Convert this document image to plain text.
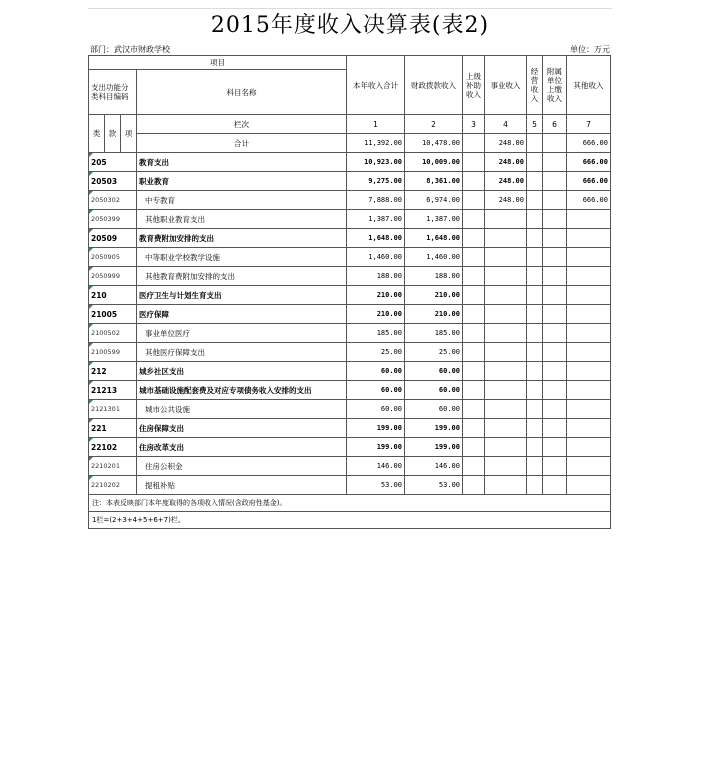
2015年度收入决算表(表2)
部门：武汉市财政学校	单位：万元
项目				本年收入合计	财政拨款收入	上级补助收入	事业收入	经营收入	附属单位上缴收入	其他收入
支出功能分类科目编码			科目名称							
类	款	项	栏次	1	2	3	4	5	6	7
			合计	11,392.00	10,478.00		248.00			666.00
205			教育支出	10,923.00	10,009.00		248.00			666.00
20503			职业教育	9,275.00	8,361.00		248.00			666.00
2050302			中专教育	7,888.00	6,974.00		248.00			666.00
2050399			其他职业教育支出	1,387.00	1,387.00					
20509			教育费附加安排的支出	1,648.00	1,648.00					
2050905			中等职业学校教学设施	1,460.00	1,460.00					
2050999			其他教育费附加安排的支出	188.00	188.00					
210			医疗卫生与计划生育支出	210.00	210.00					
21005			医疗保障	210.00	210.00					
2100502			事业单位医疗	185.00	185.00					
2100599			其他医疗保障支出	25.00	25.00					
212			城乡社区支出	60.00	60.00					
21213			城市基础设施配套费及对应专项债务收入安排的支出	60.00	60.00					
2121301			城市公共设施	60.00	60.00					
221			住房保障支出	199.00	199.00					
22102			住房改革支出	199.00	199.00					
2210201			住房公积金	146.00	146.00					
2210202			提租补贴	53.00	53.00					
注：本表反映部门本年度取得的各项收入情况(含政府性基金)。										
1栏=(2+3+4+5+6+7)栏。										
